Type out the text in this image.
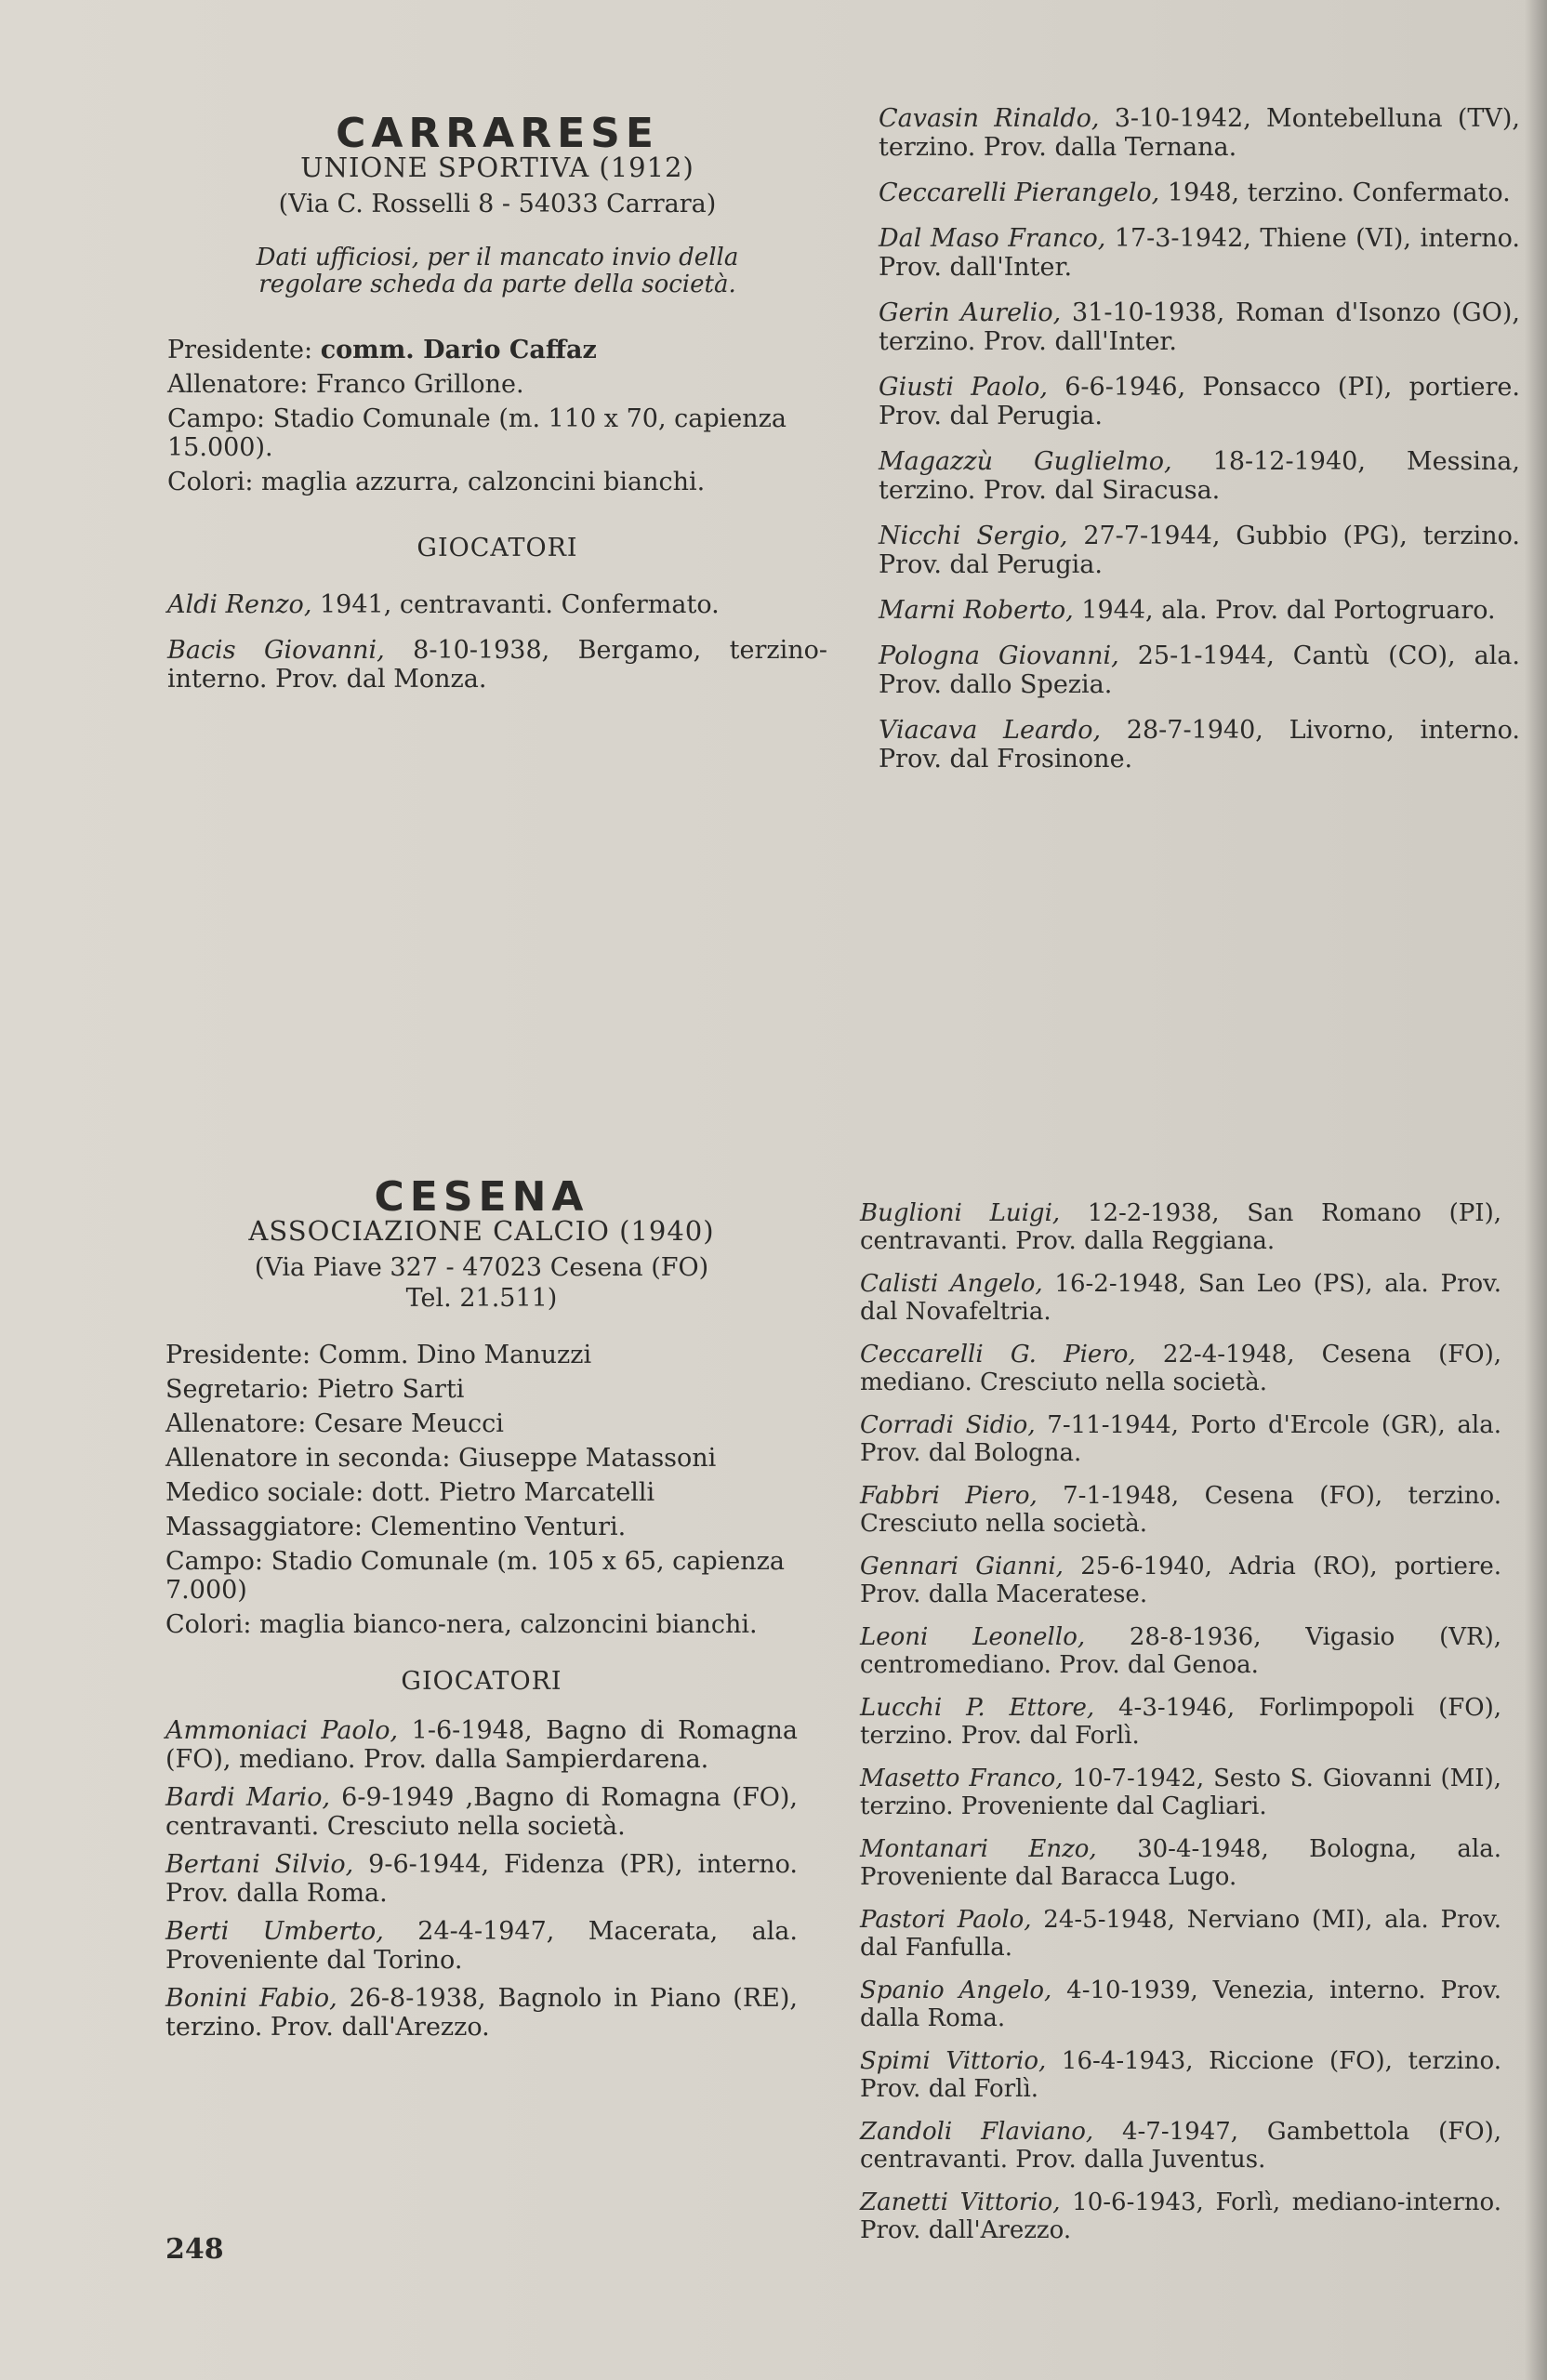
CARRARESE
UNIONE SPORTIVA (1912)
(Via C. Rosselli 8 - 54033 Carrara)
Dati ufficiosi, per il mancato invio della regolare scheda da parte della società.
Presidente: comm. Dario Caffaz
Allenatore: Franco Grillone.
Campo: Stadio Comunale (m. 110 x 70, capienza 15.000).
Colori: maglia azzurra, calzoncini bianchi.
GIOCATORI
Aldi Renzo, 1941, centravanti. Confermato.
Bacis Giovanni, 8-10-1938, Bergamo, terzino-interno. Prov. dal Monza.
Cavasin Rinaldo, 3-10-1942, Montebelluna (TV), terzino. Prov. dalla Ternana.
Ceccarelli Pierangelo, 1948, terzino. Confermato.
Dal Maso Franco, 17-3-1942, Thiene (VI), interno. Prov. dall'Inter.
Gerin Aurelio, 31-10-1938, Roman d'Isonzo (GO), terzino. Prov. dall'Inter.
Giusti Paolo, 6-6-1946, Ponsacco (PI), portiere. Prov. dal Perugia.
Magazzù Guglielmo, 18-12-1940, Messina, terzino. Prov. dal Siracusa.
Nicchi Sergio, 27-7-1944, Gubbio (PG), terzino. Prov. dal Perugia.
Marni Roberto, 1944, ala. Prov. dal Portogruaro.
Pologna Giovanni, 25-1-1944, Cantù (CO), ala. Prov. dallo Spezia.
Viacava Leardo, 28-7-1940, Livorno, interno. Prov. dal Frosinone.
CESENA
ASSOCIAZIONE CALCIO (1940)
(Via Piave 327 - 47023 Cesena (FO)
Tel. 21.511)
Presidente: Comm. Dino Manuzzi
Segretario: Pietro Sarti
Allenatore: Cesare Meucci
Allenatore in seconda: Giuseppe Matassoni
Medico sociale: dott. Pietro Marcatelli
Massaggiatore: Clementino Venturi.
Campo: Stadio Comunale (m. 105 x 65, capienza 7.000)
Colori: maglia bianco-nera, calzoncini bianchi.
GIOCATORI
Ammoniaci Paolo, 1-6-1948, Bagno di Romagna (FO), mediano. Prov. dalla Sampierdarena.
Bardi Mario, 6-9-1949 ,Bagno di Romagna (FO), centravanti. Cresciuto nella società.
Bertani Silvio, 9-6-1944, Fidenza (PR), interno. Prov. dalla Roma.
Berti Umberto, 24-4-1947, Macerata, ala. Proveniente dal Torino.
Bonini Fabio, 26-8-1938, Bagnolo in Piano (RE), terzino. Prov. dall'Arezzo.
Buglioni Luigi, 12-2-1938, San Romano (PI), centravanti. Prov. dalla Reggiana.
Calisti Angelo, 16-2-1948, San Leo (PS), ala. Prov. dal Novafeltria.
Ceccarelli G. Piero, 22-4-1948, Cesena (FO), mediano. Cresciuto nella società.
Corradi Sidio, 7-11-1944, Porto d'Ercole (GR), ala. Prov. dal Bologna.
Fabbri Piero, 7-1-1948, Cesena (FO), terzino. Cresciuto nella società.
Gennari Gianni, 25-6-1940, Adria (RO), portiere. Prov. dalla Maceratese.
Leoni Leonello, 28-8-1936, Vigasio (VR), centromediano. Prov. dal Genoa.
Lucchi P. Ettore, 4-3-1946, Forlimpopoli (FO), terzino. Prov. dal Forlì.
Masetto Franco, 10-7-1942, Sesto S. Giovanni (MI), terzino. Proveniente dal Cagliari.
Montanari Enzo, 30-4-1948, Bologna, ala. Proveniente dal Baracca Lugo.
Pastori Paolo, 24-5-1948, Nerviano (MI), ala. Prov. dal Fanfulla.
Spanio Angelo, 4-10-1939, Venezia, interno. Prov. dalla Roma.
Spimi Vittorio, 16-4-1943, Riccione (FO), terzino. Prov. dal Forlì.
Zandoli Flaviano, 4-7-1947, Gambettola (FO), centravanti. Prov. dalla Juventus.
Zanetti Vittorio, 10-6-1943, Forlì, mediano-interno. Prov. dall'Arezzo.
248
